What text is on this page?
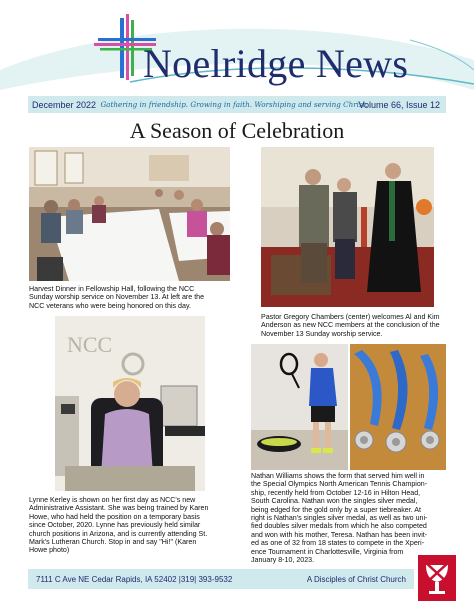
Noelridge News
December 2022 Gathering in friendship. Growing in faith. Worshiping and serving Christ.
Volume 66, Issue 12
A Season of Celebration
Harvest Dinner in Fellowship Hall, following the NCC
Sunday worship service on November 13. At left are the
NCC veterans who were being honored on this day.
Pastor Gregory Chambers (center) welcomes Al and Kim
Anderson as new NCC members at the conclusion of the
November 13 Sunday worship service.
NCC
Lynne Kerley is shown on her first day as NCC's new
Administrative Assistant. She was being trained by Karen
Howe, who had held the position on a temporary basis
since October, 2020. Lynne has previously held similar
church positions in Arizona, and is currently attending St.
Mark's Lutheran Church. Stop in and say "Hi!" (Karen
Howe photo)
Nathan Williams shows the form that served him well in
the Special Olympics North American Tennis Champion-
ship, recently held from October 12-16 in Hilton Head,
South Carolina. Nathan won the singles silver medal,
being edged for the gold only by a super tiebreaker. At
right is Nathan's singles silver medal, as well as two uni-
fied doubles silver medals from which he also competed
and won with his mother, Teresa. Nathan has been invit-
ed as one of 32 from 18 states to compete in the Xperi-
ence Tournament in Charlottesville, Virginia from
January 8-10, 2023.
7111 C Ave NE Cedar Rapids, IA 52402 |319| 393-9532	A Disciples of Christ Church
